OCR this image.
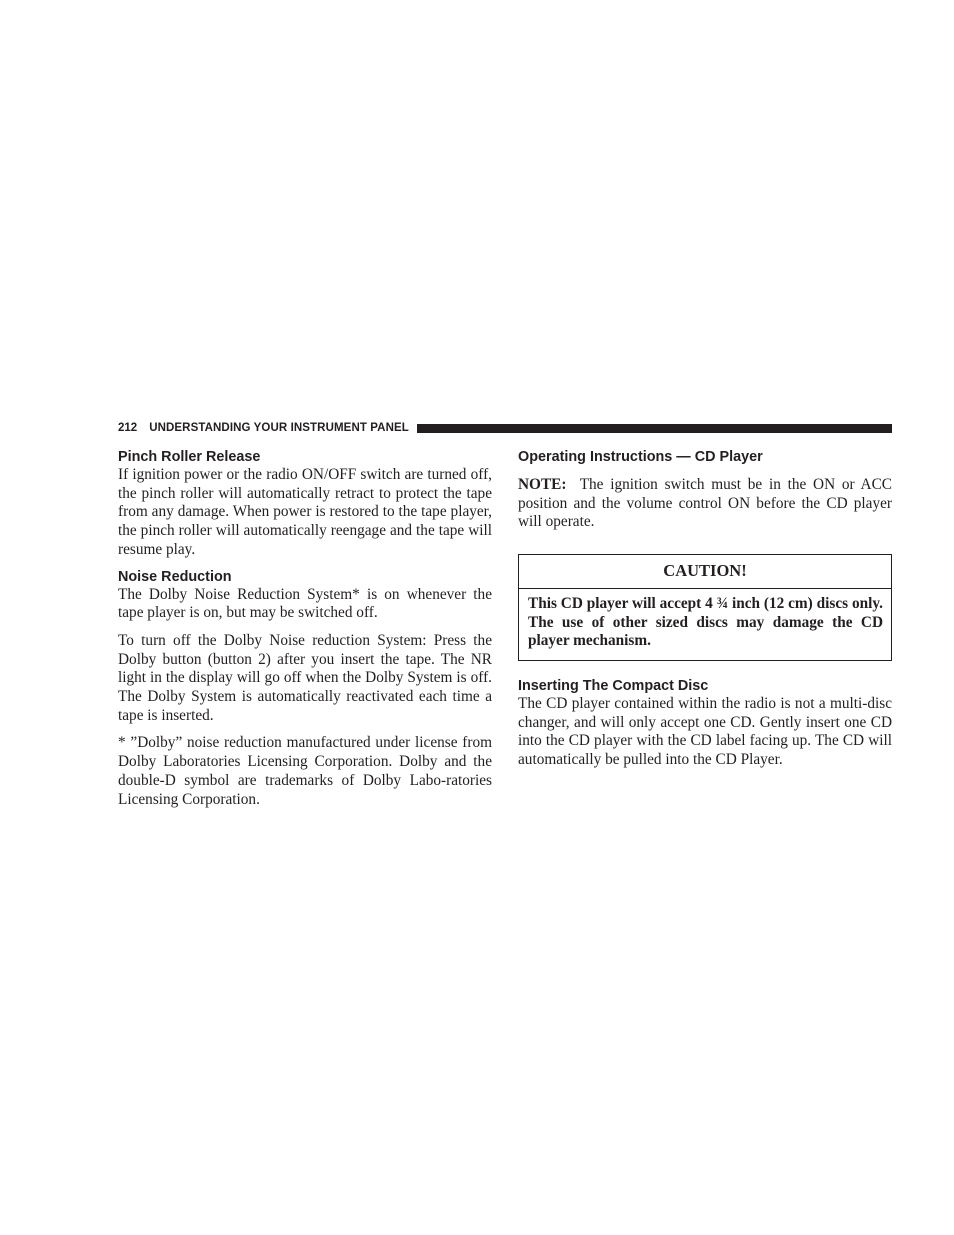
212 UNDERSTANDING YOUR INSTRUMENT PANEL
Pinch Roller Release

If ignition power or the radio ON/OFF switch are turned off, the pinch roller will automatically retract to protect the tape from any damage. When power is restored to the tape player, the pinch roller will automatically reengage and the tape will resume play.

Noise Reduction

The Dolby Noise Reduction System* is on whenever the tape player is on, but may be switched off.

To turn off the Dolby Noise reduction System: Press the Dolby button (button 2) after you insert the tape. The NR light in the display will go off when the Dolby System is off. The Dolby System is automatically reactivated each time a tape is inserted.

* ”Dolby” noise reduction manufactured under license from Dolby Laboratories Licensing Corporation. Dolby and the double-D symbol are trademarks of Dolby Labo-ratories Licensing Corporation.

Operating Instructions — CD Player

NOTE: The ignition switch must be in the ON or ACC position and the volume control ON before the CD player will operate.

CAUTION!
This CD player will accept 4 ¾ inch (12 cm) discs only. The use of other sized discs may damage the CD player mechanism.
Inserting The Compact Disc

The CD player contained within the radio is not a multi-disc changer, and will only accept one CD. Gently insert one CD into the CD player with the CD label facing up. The CD will automatically be pulled into the CD Player.
